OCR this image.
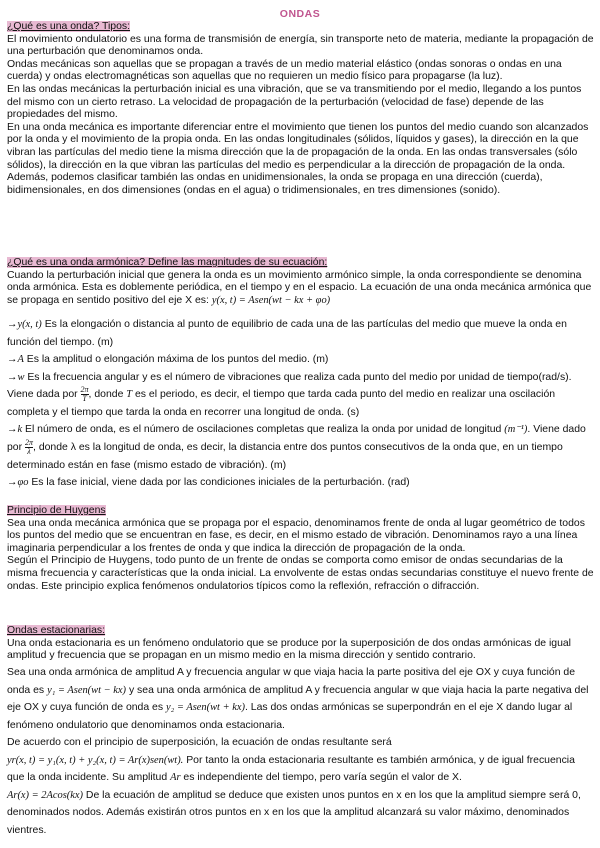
ONDAS
¿Qué es una onda? Tipos:
El movimiento ondulatorio es una forma de transmisión de energía, sin transporte neto de materia, mediante la propagación de una perturbación que denominamos onda.
Ondas mecánicas son aquellas que se propagan a través de un medio material elástico (ondas sonoras o ondas en una cuerda) y ondas electromagnéticas son aquellas que no requieren un medio físico para propagarse (la luz).
En las ondas mecánicas la perturbación inicial es una vibración, que se va transmitiendo por el medio, llegando a los puntos del mismo con un cierto retraso. La velocidad de propagación de la perturbación (velocidad de fase) depende de las propiedades del mismo.
En una onda mecánica es importante diferenciar entre el movimiento que tienen los puntos del medio cuando son alcanzados por la onda y el movimiento de la propia onda. En las ondas longitudinales (sólidos, líquidos y gases), la dirección en la que vibran las partículas del medio tiene la misma dirección que la de propagación de la onda. En las ondas transversales (sólo sólidos), la dirección en la que vibran las partículas del medio es perpendicular a la dirección de propagación de la onda.
Además, podemos clasificar también las ondas en unidimensionales, la onda se propaga en una dirección (cuerda), bidimensionales, en dos dimensiones (ondas en el agua) o tridimensionales, en tres dimensiones (sonido).
¿Qué es una onda armónica? Define las magnitudes de su ecuación:
Cuando la perturbación inicial que genera la onda es un movimiento armónico simple, la onda correspondiente se denomina onda armónica. Esta es doblemente periódica, en el tiempo y en el espacio. La ecuación de una onda mecánica armónica que se propaga en sentido positivo del eje X es: y(x, t) = Asen(wt − kx + φo)
→y(x, t) Es la elongación o distancia al punto de equilibrio de cada una de las partículas del medio que mueve la onda en función del tiempo. (m)
→A Es la amplitud o elongación máxima de los puntos del medio. (m)
→w Es la frecuencia angular y es el número de vibraciones que realiza cada punto del medio por unidad de tiempo(rad/s). Viene dada por $\frac{2\pi}{T}$ , donde T es el periodo, es decir, el tiempo que tarda cada punto del medio en realizar una oscilación completa y el tiempo que tarda la onda en recorrer una longitud de onda. (s)
→k El número de onda, es el número de oscilaciones completas que realiza la onda por unidad de longitud (m⁻¹). Viene dado por $\frac{2\pi}{\lambda}$ , donde λ es la longitud de onda, es decir, la distancia entre dos puntos consecutivos de la onda que, en un tiempo determinado están en fase (mismo estado de vibración). (m)
→φo Es la fase inicial, viene dada por las condiciones iniciales de la perturbación. (rad)
Principio de Huygens
Sea una onda mecánica armónica que se propaga por el espacio, denominamos frente de onda al lugar geométrico de todos los puntos del medio que se encuentran en fase, es decir, en el mismo estado de vibración. Denominamos rayo a una línea imaginaria perpendicular a los frentes de onda y que indica la dirección de propagación de la onda.
Según el Principio de Huygens, todo punto de un frente de ondas se comporta como emisor de ondas secundarias de la misma frecuencia y características que la onda inicial. La envolvente de estas ondas secundarias constituye el nuevo frente de ondas. Este principio explica fenómenos ondulatorios típicos como la reflexión, refracción o difracción.
Ondas estacionarias:
Una onda estacionaria es un fenómeno ondulatorio que se produce por la superposición de dos ondas armónicas de igual amplitud y frecuencia que se propagan en un mismo medio en la misma dirección y sentido contrario.

Sea una onda armónica de amplitud A y frecuencia angular w que viaja hacia la parte positiva del eje OX y cuya función de onda es y₁ = Asen(wt − kx) y sea una onda armónica de amplitud A y frecuencia angular w que viaja hacia la parte negativa del eje OX y cuya función de onda es y₂ = Asen(wt + kx). Las dos ondas armónicas se superpondrán en el eje X dando lugar al fenómeno ondulatorio que denominamos onda estacionaria.
De acuerdo con el principio de superposición, la ecuación de ondas resultante será
yr(x, t) = y₁(x, t) + y₂(x, t) = Ar(x)sen(wt). Por tanto la onda estacionaria resultante es también armónica, y de igual frecuencia que la onda incidente. Su amplitud Ar es independiente del tiempo, pero varía según el valor de X.
Ar(x) = 2Acos(kx) De la ecuación de amplitud se deduce que existen unos puntos en x en los que la amplitud siempre será 0, denominados nodos. Además existirán otros puntos en x en los que la amplitud alcanzará su valor máximo, denominados vientres.
